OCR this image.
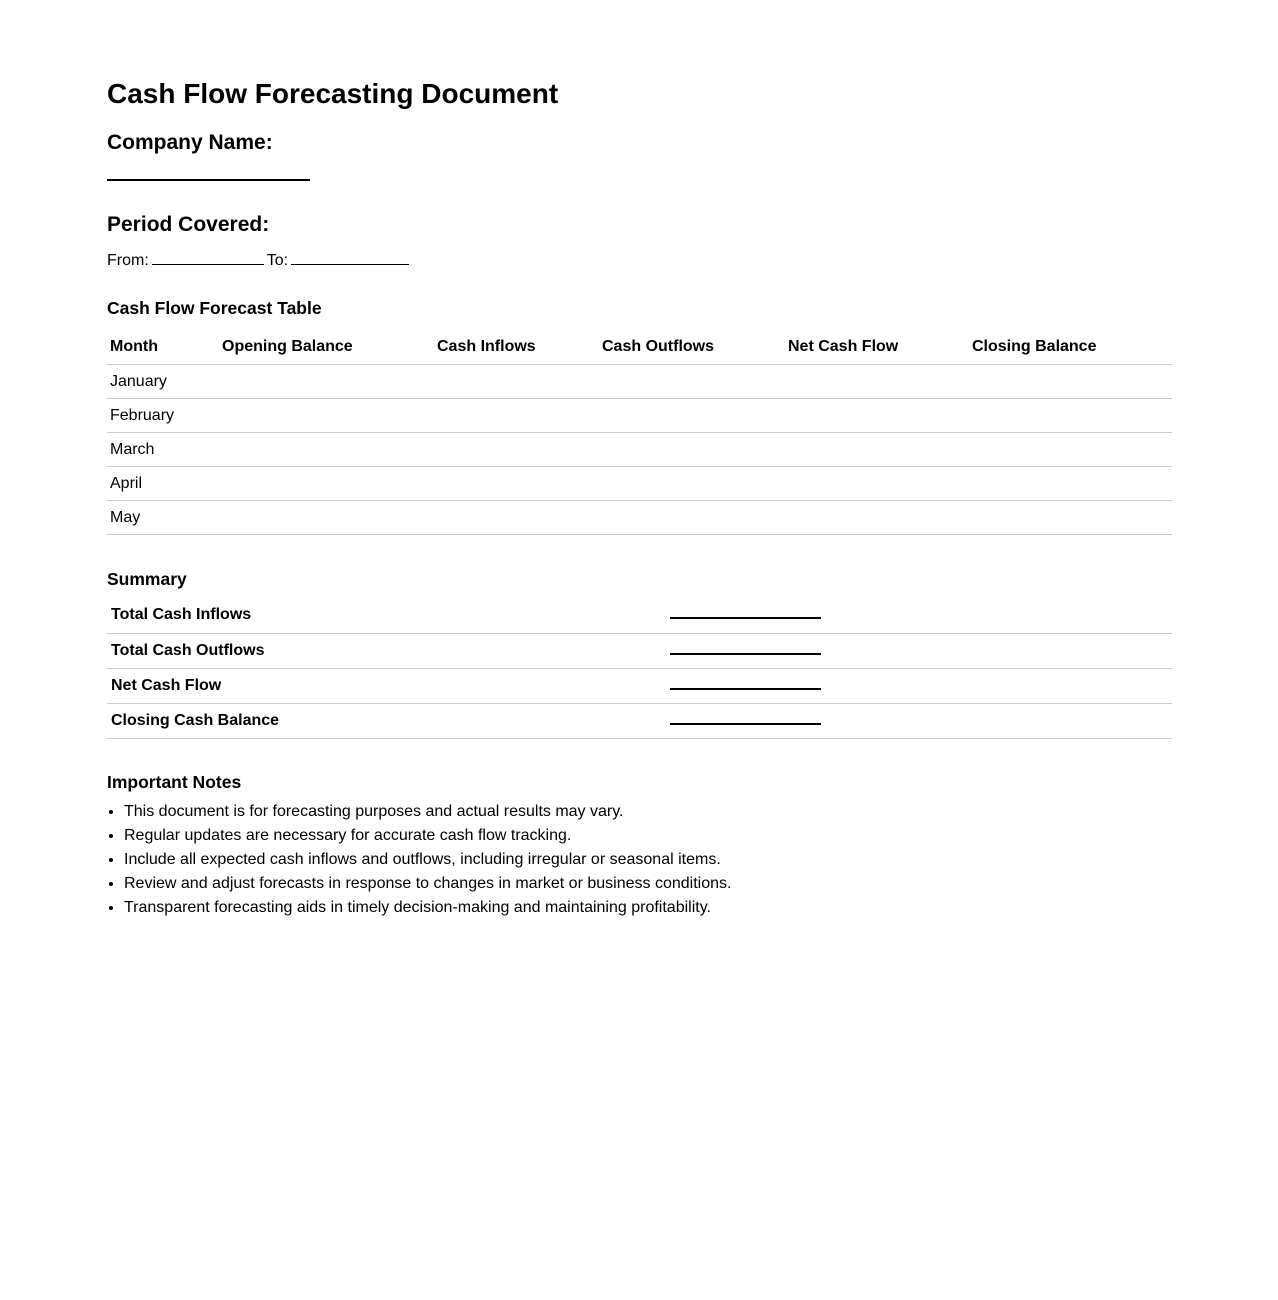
Cash Flow Forecasting Document
Company Name:
Period Covered:

From:	To:

Cash Flow Forecast Table
Month	Opening Balance	Cash Inflows	Cash Outflows	Net Cash Flow	Closing Balance
January					
February					
March					
April					
May					
Summary
Total Cash Inflows	
Total Cash Outflows	
Net Cash Flow	
Closing Cash Balance	
Important Notes
• This document is for forecasting purposes and actual results may vary.
• Regular updates are necessary for accurate cash flow tracking.
• Include all expected cash inflows and outflows, including irregular or seasonal items.
• Review and adjust forecasts in response to changes in market or business conditions.
• Transparent forecasting aids in timely decision-making and maintaining profitability.
